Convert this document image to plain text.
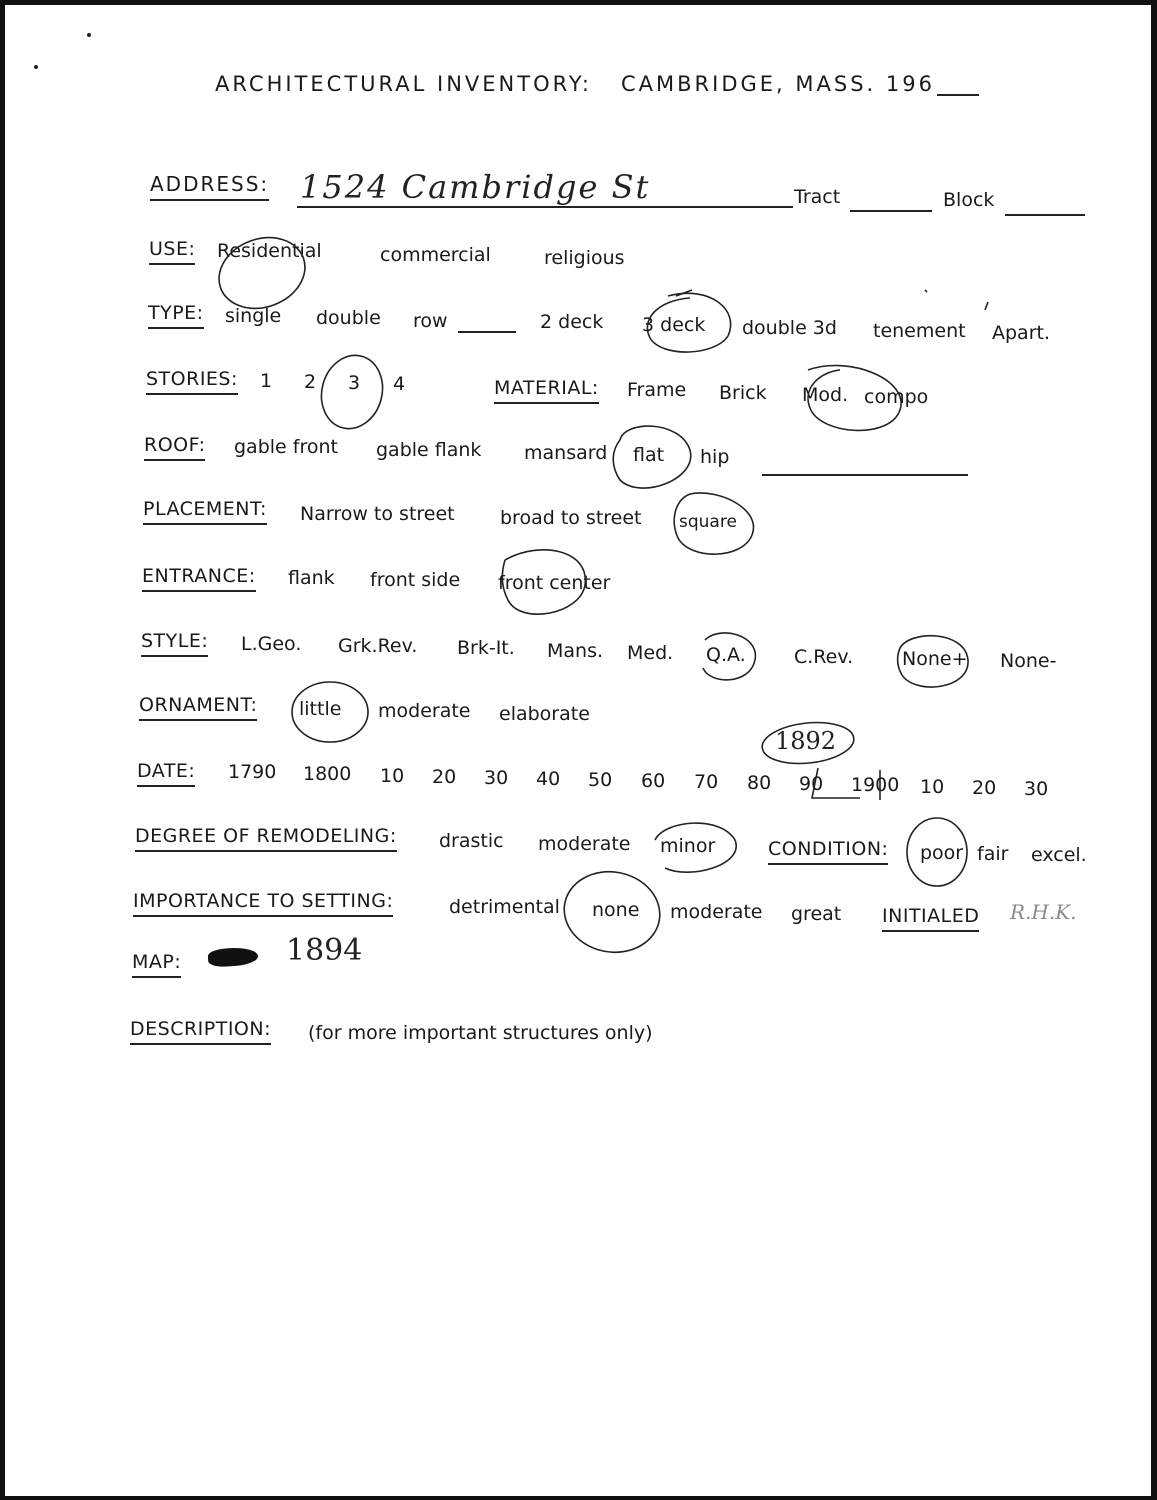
ARCHITECTURAL INVENTORY: CAMBRIDGE, MASS. 196
ADDRESS: 1524 Cambridge St	Tract	Block
USE: Residential	commercial	religious
TYPE: single double row	2 deck 3 deck double 3d tenement Apart.
STORIES: 1 2 3 4	MATERIAL: Frame Brick Mod. compo
ROOF: gable front gable flank mansard flat hip
PLACEMENT: Narrow to street broad to street square
ENTRANCE: flank front side front center
STYLE: L.Geo. Grk.Rev. Brk-It. Mans. Med. Q.A.	C.Rev.	None+ None-
ORNAMENT: little moderate elaborate
DATE: 1790 1800 10 20 30 40 50 60 70 80 90 1900 10 20 30
1892
DEGREE OF REMODELING: drastic moderate minor	CONDITION: poor fair excel.
IMPORTANCE TO SETTING:	detrimental none moderate great INITIALED R.H.K.
MAP:	1894
DESCRIPTION: (for more important structures only)
